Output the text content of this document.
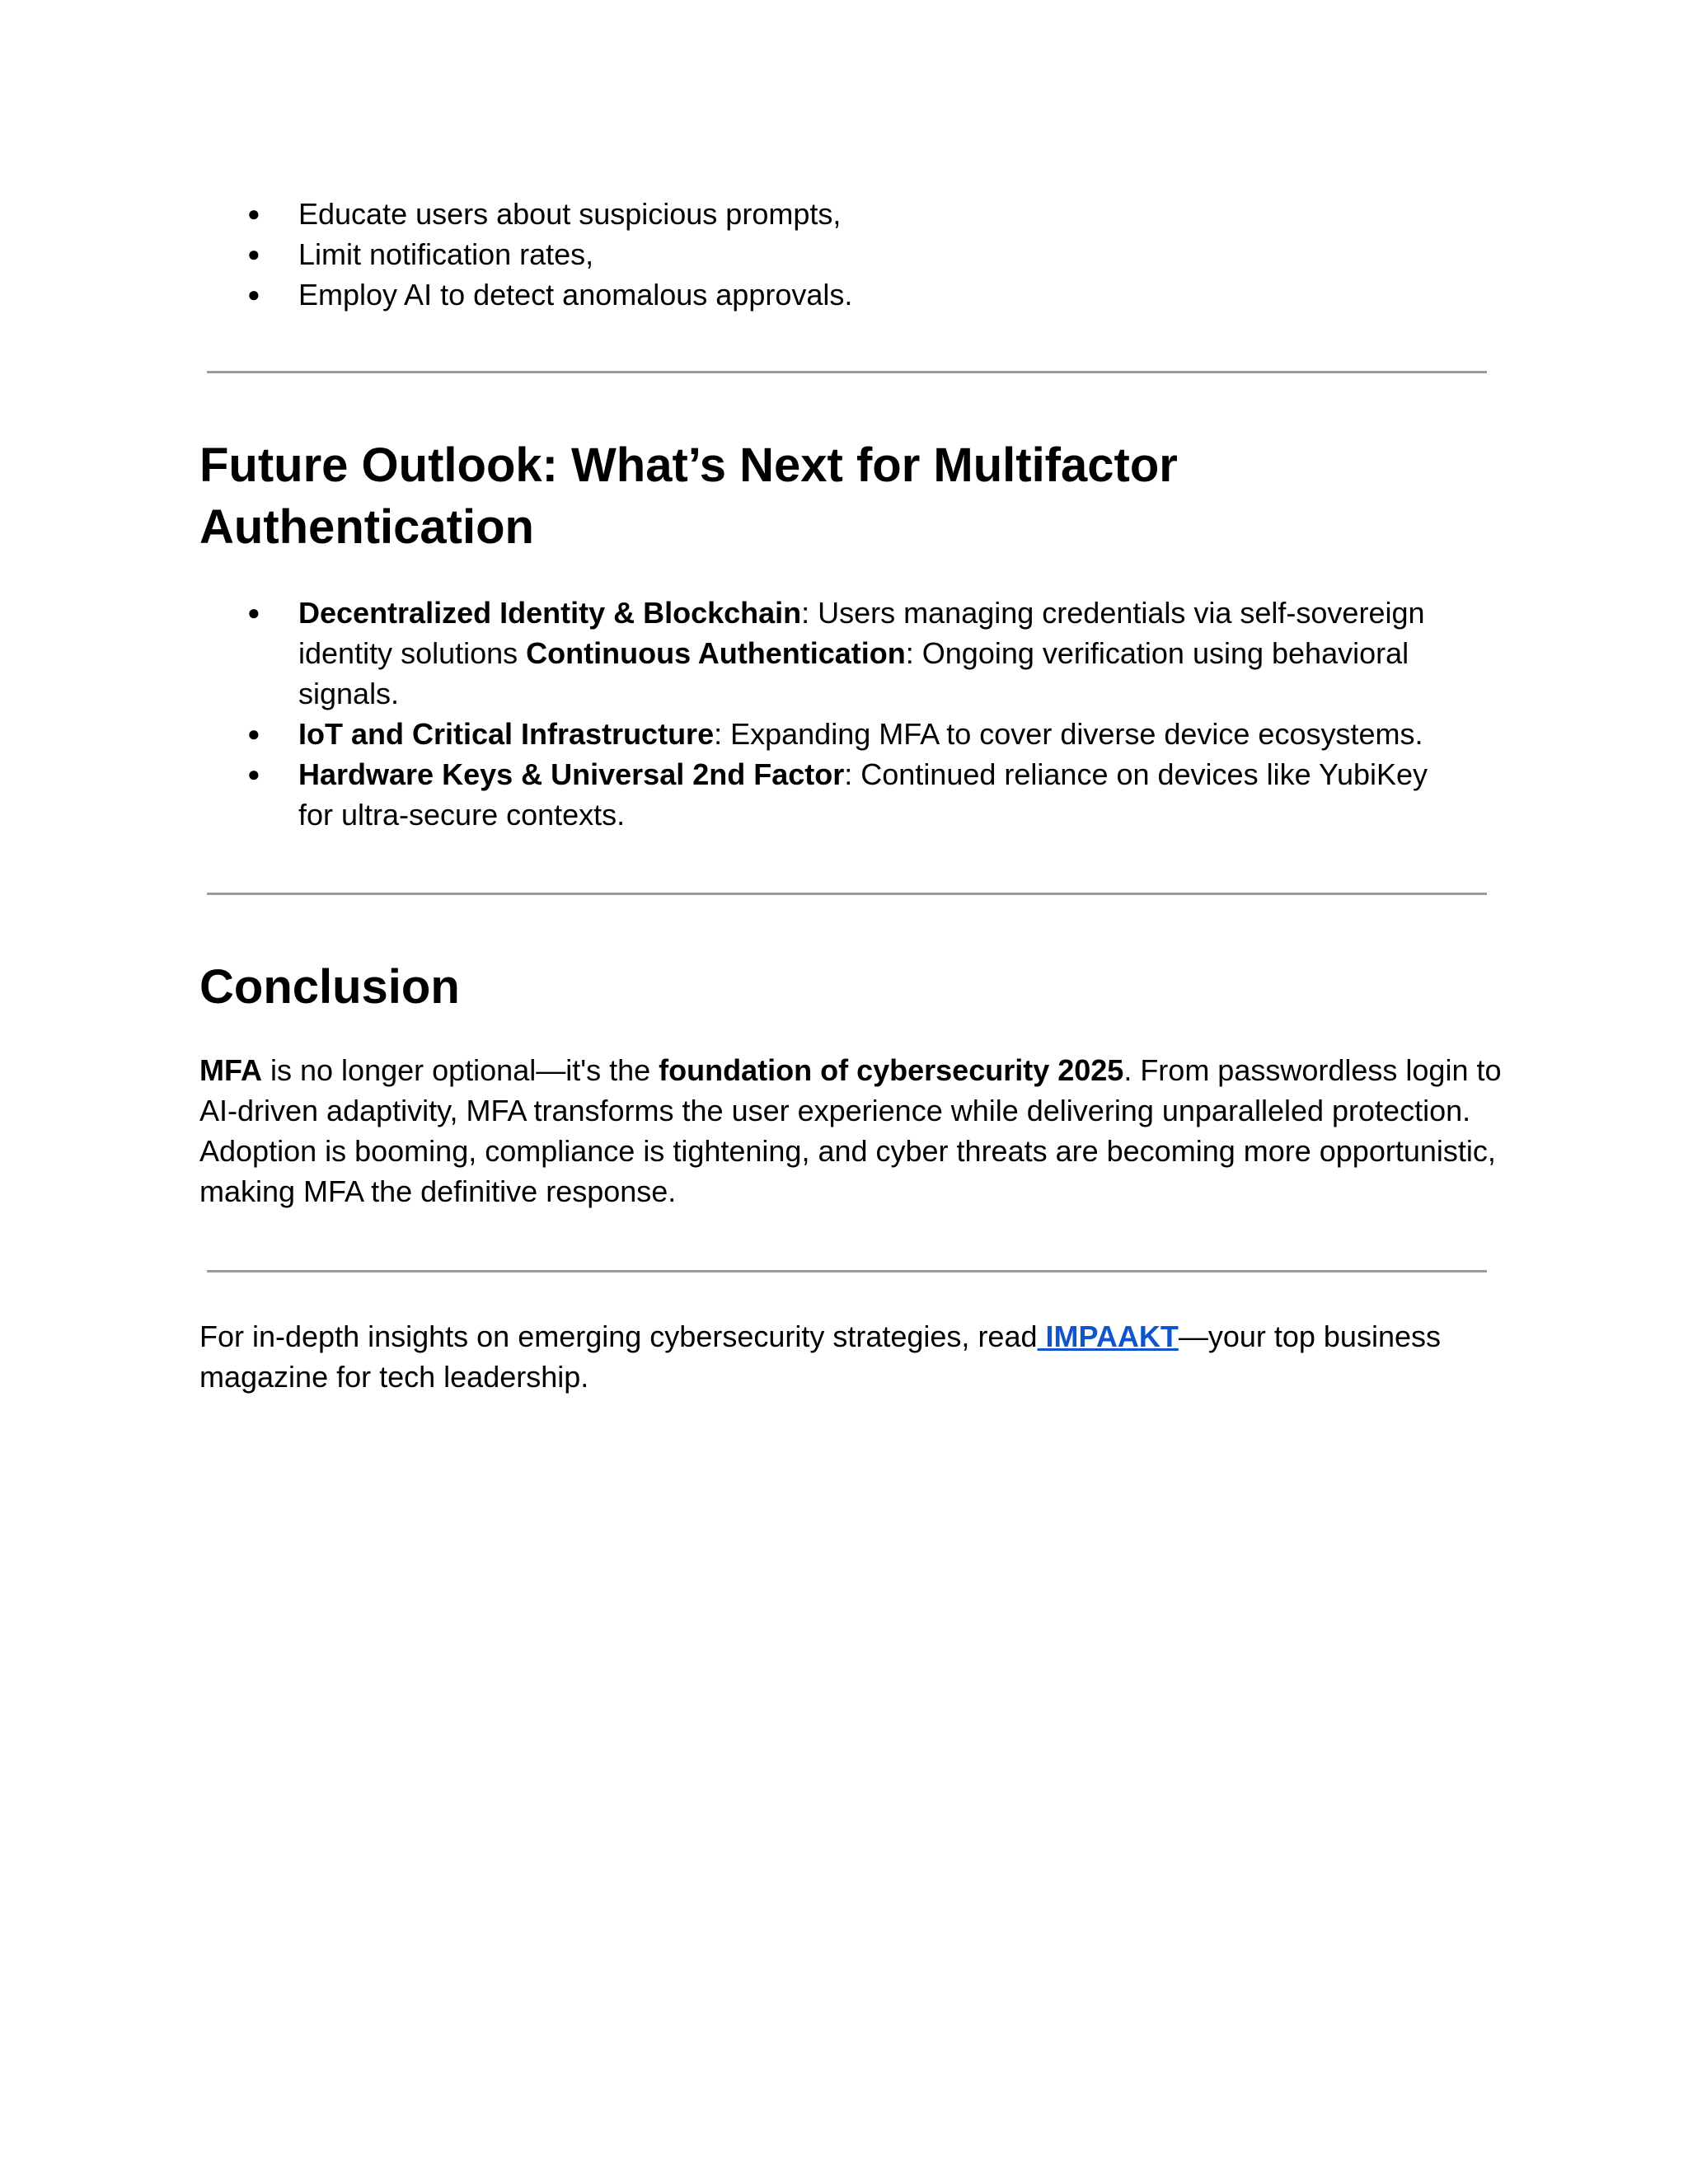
●	Educate users about suspicious prompts,
●	Limit notification rates,
●	Employ AI to detect anomalous approvals.
Future Outlook: What’s Next for Multifactor
Authentication
●	Decentralized Identity & Blockchain: Users managing credentials via self-sovereign identity solutions Continuous Authentication: Ongoing verification using behavioral signals.
●	IoT and Critical Infrastructure: Expanding MFA to cover diverse device ecosystems.
●	Hardware Keys & Universal 2nd Factor: Continued reliance on devices like YubiKey for ultra-secure contexts.
Conclusion

MFA is no longer optional—it's the foundation of cybersecurity 2025. From passwordless login to AI-driven adaptivity, MFA transforms the user experience while delivering unparalleled protection. Adoption is booming, compliance is tightening, and cyber threats are becoming more opportunistic, making MFA the definitive response.

For in-depth insights on emerging cybersecurity strategies, read IMPAAKT—your top business magazine for tech leadership.
